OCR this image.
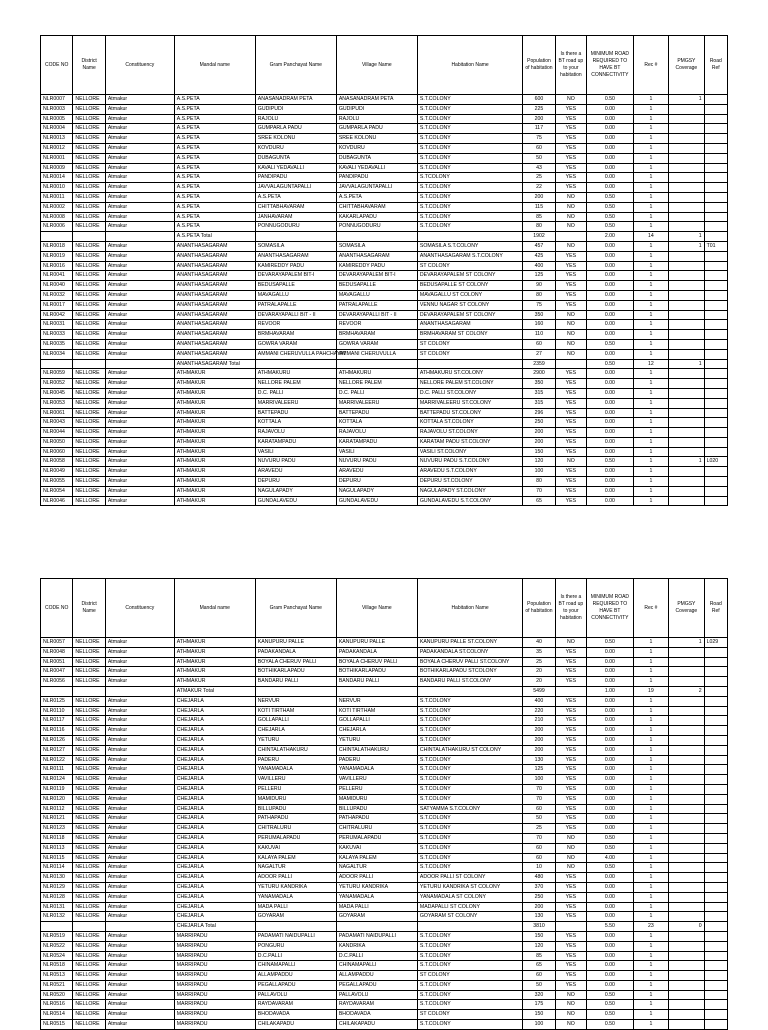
CODE NO	District Name	Constituency	Mandal name	Gram Panchayat Name	Village Name	Habitation Name	Population of habitation	Is there a BT road up to your habitation	MINIMUM ROAD REQUIRED TO HAVE BT CONNECTIVITY	Rec #	PMGSY Coverage	Road Ref
NLR0007	NELLORE	Atmakur	A.S.PETA	ANASANADRAM PETA	ANASANADRAM PETA	S.T.COLONY	600	NO	0.50	1	1	
NLR0003	NELLORE	Atmakur	A.S.PETA	GUDIPUDI	GUDIPUDI	S.T.COLONY	225	YES	0.00	1		
NLR0005	NELLORE	Atmakur	A.S.PETA	RAJOLU	RAJOLU	S.T.COLONY	200	YES	0.00	1		
NLR0004	NELLORE	Atmakur	A.S.PETA	GUMPARLA PADU	GUMPARLA PADU	S.T.COLONY	117	YES	0.00	1		
NLR0013	NELLORE	Atmakur	A.S.PETA	SREE KOLONU	SREE KOLONU	S.T.COLONY	75	YES	0.00	1		
NLR0012	NELLORE	Atmakur	A.S.PETA	KOVDURU	KOVDURU	S.T.COLONY	60	YES	0.00	1		
NLR0001	NELLORE	Atmakur	A.S.PETA	DUBAGUNTA	DUBAGUNTA	S.T.COLONY	50	YES	0.00	1		
NLR0009	NELLORE	Atmakur	A.S.PETA	KAVALI YEDAVALLI	KAVALI YEDAVALLI	S.T.COLONY	43	YES	0.00	1		
NLR0014	NELLORE	Atmakur	A.S.PETA	PANDIPADU	PANDIPADU	S.TCOLONY	25	YES	0.00	1		
NLR0010	NELLORE	Atmakur	A.S.PETA	JAVVALAGUNTAPALLI	JAVVALAGUNTAPALLI	S.T.COLONY	22	YES	0.00	1		
NLR0011	NELLORE	Atmakur	A.S.PETA	A.S.PETA	A.S.PETA	S.T.COLONY	200	NO	0.50	1		
NLR0002	NELLORE	Atmakur	A.S.PETA	CHITTABHAVARAM	CHITTABHAVARAM	S.T.COLONY	115	NO	0.50	1		
NLR0008	NELLORE	Atmakur	A.S.PETA	JANHAVARAM	KAKARLAPADU	S.T.COLONY	85	NO	0.50	1		
NLR0006	NELLORE	Atmakur	A.S.PETA	PONNUGODURU	PONNUGODURU	S.T.COLONY	80	NO	0.50	1		
			A.S.PETA Total				1902		2.00	14	1	
NLR0018	NELLORE	Atmakur	ANANTHASAGARAM	SOMASILA	SOMASILA	SOMASILA S.T.COLONY	457	NO	0.00	1	1	T01
NLR0019	NELLORE	Atmakur	ANANTHASAGARAM	ANANTHASAGARAM	ANANTHASAGARAM	ANANTHASAGARAM S.T.COLONY	425	YES	0.00	1		
NLR0016	NELLORE	Atmakur	ANANTHASAGARAM	KAMIREDDY PADU	KAMIREDDY PADU	ST COLONY	400	YES	0.00	1		
NLR0041	NELLORE	Atmakur	ANANTHASAGARAM	DEVARAYAPALEM BIT-I	DEVARAYAPALEM BIT-I	DEVARAYAPALEM ST COLONY	125	YES	0.00	1		
NLR0040	NELLORE	Atmakur	ANANTHASAGARAM	BEDUSAPALLE	BEDUSAPALLE	BEDUSAPALLE ST COLONY	90	YES	0.00	1		
NLR0032	NELLORE	Atmakur	ANANTHASAGARAM	MAVAGALLU	MAVAGALLU	MAVAGALLU ST COLONY	80	YES	0.00	1		
NLR0017	NELLORE	Atmakur	ANANTHASAGARAM	PATRALAPALLE	PATRALAPALLE	VENNU NAGAR ST COLONY	75	YES	0.00	1		
NLR0042	NELLORE	Atmakur	ANANTHASAGARAM	DEVARAYAPALLI BIT - II	DEVARAYAPALLI BIT - II	DEVARAYAPALEM ST COLONY	350	NO	0.00	1		
NLR0031	NELLORE	Atmakur	ANANTHASAGARAM	REVOOR	REVOOR	ANANTHASAGARAM	160	NO	0.00	1		
NLR0033	NELLORE	Atmakur	ANANTHASAGARAM	BRMHAVARAM	BRMHAVARAM	BRMHAVARAM ST COLONY	110	NO	0.00	1		
NLR0035	NELLORE	Atmakur	ANANTHASAGARAM	GOWRA VARAM	GOWRA VARAM	ST COLONY	60	NO	0.50	1		
NLR0034	NELLORE	Atmakur	ANANTHASAGARAM	AMMANI CHERUVULLA PAHCHAYAT	AMMANI CHERUVULLA	ST COLONY	27	NO	0.00	1		
			ANANTHASAGARAM Total				2359		0.50	12	1	
NLR0059	NELLORE	Atmakur	ATHMAKUR	ATHMAKURU	ATHMAKURU	ATHMAKURU ST.COLONY	2900	YES	0.00	1		
NLR0052	NELLORE	Atmakur	ATHMAKUR	NELLORE PALEM	NELLORE PALEM	NELLORE PALEM ST.COLONY	350	YES	0.00	1		
NLR0045	NELLORE	Atmakur	ATHMAKUR	D.C. PALLI	D.C. PALLI	D.C. PALLI ST.COLONY	315	YES	0.00	1		
NLR0053	NELLORE	Atmakur	ATHMAKUR	MARRIVALEERU	MARRIVALEERU	MARRIVALEERU ST.COLONY	315	YES	0.00	1		
NLR0061	NELLORE	Atmakur	ATHMAKUR	BATTEPADU	BATTEPADU	BATTEPADU ST.COLONY	296	YES	0.00	1		
NLR0043	NELLORE	Atmakur	ATHMAKUR	KOTTALA	KOTTALA	KOTTALA ST.COLONY	250	YES	0.00	1		
NLR0044	NELLORE	Atmakur	ATHMAKUR	RAJAVOLU	RAJAVOLU	RAJAVOLU ST.COLONY	200	YES	0.00	1		
NLR0050	NELLORE	Atmakur	ATHMAKUR	KARATAMPADU	KARATAMPADU	KARATAM PADU ST.COLONY	200	YES	0.00	1		
NLR0060	NELLORE	Atmakur	ATHMAKUR	VASILI	VASILI	VASILI ST.COLONY	150	YES	0.00	1		
NLR0058	NELLORE	Atmakur	ATHMAKUR	NUVURU PADU	NUVURU PADU	NUVURU PADU S.T.COLONY	120	NO	0.50	1	1	L020
NLR0049	NELLORE	Atmakur	ATHMAKUR	ARAVEDU	ARAVEDU	ARAVEDU S.T.COLONY	100	YES	0.00	1		
NLR0055	NELLORE	Atmakur	ATHMAKUR	DEPURU	DEPURU	DEPURU ST.COLONY	80	YES	0.00	1		
NLR0054	NELLORE	Atmakur	ATHMAKUR	NAGULAPADY	NAGULAPADY	NAGULAPADY ST.COLONY	70	YES	0.00	1		
NLR0046	NELLORE	Atmakur	ATHMAKUR	GUNDALAVEDU	GUNDALAVEDU	GUNDALAVEDU S.T.COLONY	65	YES	0.00	1		
CODE NO	District Name	Constituency	Mandal name	Gram Panchayat Name	Village Name	Habitation Name	Population of habitation	Is there a BT road up to your habitation	MINIMUM ROAD REQUIRED TO HAVE BT CONNECTIVITY	Rec #	PMGSY Coverage	Road Ref
NLR0057	NELLORE	Atmakur	ATHMAKUR	KANUPURU PALLE	KANUPURU PALLE	KANUPURU PALLE ST.COLONY	40	NO	0.50	1	1	L029
NLR0048	NELLORE	Atmakur	ATHMAKUR	PADAKANDALA	PADAKANDALA	PADAKANDALA ST.COLONY	35	YES	0.00	1		
NLR0051	NELLORE	Atmakur	ATHMAKUR	BOYALA CHERUV PALLI	BOYALA CHERUV PALLI	BOYALA CHERUV PALLI ST.COLONY	25	YES	0.00	1		
NLR0047	NELLORE	Atmakur	ATHMAKUR	BOTHIKARLAPADU	BOTHIKARLAPADU	BOTHIKARLAPADU STCOLONY	20	YES	0.00	1		
NLR0056	NELLORE	Atmakur	ATHMAKUR	BANDARU PALLI	BANDARU PALLI	BANDARU PALLI ST.COLONY	20	YES	0.00	1		
			ATMAKUR Total				5499		1.00	19	2	
NLR0125	NELLORE	Atmakur	CHEJARLA	NERVUR	NERVUR	S.T.COLONY	400	YES	0.00	1		
NLR0110	NELLORE	Atmakur	CHEJARLA	KOTI TIRTHAM	KOTI TIRTHAM	S.T.COLONY	220	YES	0.00	1		
NLR0117	NELLORE	Atmakur	CHEJARLA	GOLLAPALLI	GOLLAPALLI	S.T.COLONY	210	YES	0.00	1		
NLR0116	NELLORE	Atmakur	CHEJARLA	CHEJARLA	CHEJARLA	S.T.COLONY	200	YES	0.00	1		
NLR0126	NELLORE	Atmakur	CHEJARLA	YETURU	YETURU	S.T.COLONY	200	YES	0.00	1		
NLR0127	NELLORE	Atmakur	CHEJARLA	CHINTALATHAKURU	CHINTALATHAKURU	CHINTALATHAKURU ST COLONY	200	YES	0.00	1		
NLR0122	NELLORE	Atmakur	CHEJARLA	PADERU	PADERU	S.T.COLONY	130	YES	0.00	1		
NLR0111	NELLORE	Atmakur	CHEJARLA	YANAMADALA	YANAMADALA	S.T.COLONY	125	YES	0.00	1		
NLR0124	NELLORE	Atmakur	CHEJARLA	VAVILLERU	VAVILLERU	S.T.COLONY	100	YES	0.00	1		
NLR0119	NELLORE	Atmakur	CHEJARLA	PELLERU	PELLERU	S.T.COLONY	70	YES	0.00	1		
NLR0120	NELLORE	Atmakur	CHEJARLA	MAMIDURU	MAMIDURU	S.T.COLONY	70	YES	0.00	1		
NLR0112	NELLORE	Atmakur	CHEJARLA	BILLUPADU	BILLUPADU	SATYAMMA S.T.COLONY	60	YES	0.00	1		
NLR0121	NELLORE	Atmakur	CHEJARLA	PATHAPADU	PATHAPADU	S.T.COLONY	50	YES	0.00	1		
NLR0123	NELLORE	Atmakur	CHEJARLA	CHITRALURU	CHITRALURU	S.T.COLONY	25	YES	0.00	1		
NLR0118	NELLORE	Atmakur	CHEJARLA	PERUMALAPADU	PERUMALAPADU	S.T.COLONY	70	NO	0.50	1		
NLR0113	NELLORE	Atmakur	CHEJARLA	KAKUVAI	KAKUVAI	S.T.COLONY	60	NO	0.50	1		
NLR0115	NELLORE	Atmakur	CHEJARLA	KALAYA PALEM	KALAYA PALEM	S.T.COLONY	60	NO	4.00	1		
NLR0114	NELLORE	Atmakur	CHEJARLA	NAGALTUR	NAGALTUR	S.T.COLONY	10	NO	0.50	1		
NLR0130	NELLORE	Atmakur	CHEJARLA	ADOOR PALLI	ADOOR PALLI	ADOOR PALLI ST COLONY	480	YES	0.00	1		
NLR0129	NELLORE	Atmakur	CHEJARLA	YETURU KANDRIKA	YETURU KANDRIKA	YETURU KANDRIKA ST COLONY	370	YES	0.00	1		
NLR0128	NELLORE	Atmakur	CHEJARLA	YANAMADALA	YANAMADALA	YANAMADALA ST COLONY	250	YES	0.00	1		
NLR0131	NELLORE	Atmakur	CHEJARLA	MADA PALLI	MADA PALLI	MADAPALLI ST COLONY	200	YES	0.00	1		
NLR0132	NELLORE	Atmakur	CHEJARLA	GOYARAM	GOYARAM	GOYARAM ST COLONY	130	YES	0.00	1		
			CHEJARLA Total				3810		5.50	23	0	
NLR0519	NELLORE	Atmakur	MARRIPADU	PADAMATI NAIDUPALLI	PADAMATI NAIDUPALLI	S.T.COLONY	150	YES	0.00	1		
NLR0522	NELLORE	Atmakur	MARRIPADU	PONGURU	KANDRIKA	S.T.COLONY	120	YES	0.00	1		
NLR0524	NELLORE	Atmakur	MARRIPADU	D.C.PALLI	D.C.PALLI	S.T.COLONY	85	YES	0.00	1		
NLR0518	NELLORE	Atmakur	MARRIPADU	CHINAMAPALLI	CHINAMAPALLI	S.T.COLONY	65	YES	0.00	1		
NLR0513	NELLORE	Atmakur	MARRIPADU	ALLAMPADDU	ALLAMPADDU	ST COLONY	60	YES	0.00	1		
NLR0521	NELLORE	Atmakur	MARRIPADU	PEGALLAPADU	PEGALLAPADU	S.T.COLONY	50	YES	0.00	1		
NLR0520	NELLORE	Atmakur	MARRIPADU	PALLAVOLU	PALLAVOLU	S.T.COLONY	320	NO	0.50	1		
NLR0516	NELLORE	Atmakur	MARRIPADU	RAYDAVARAM	RAYDAVARAM	S.T.COLONY	175	NO	0.50	1		
NLR0514	NELLORE	Atmakur	MARRIPADU	BHODAVADA	BHODAVADA	ST COLONY	150	NO	0.50	1		
NLR0515	NELLORE	Atmakur	MARRIPADU	CHILAKAPADU	CHILAKAPADU	S.T.COLONY	100	NO	0.50	1		
